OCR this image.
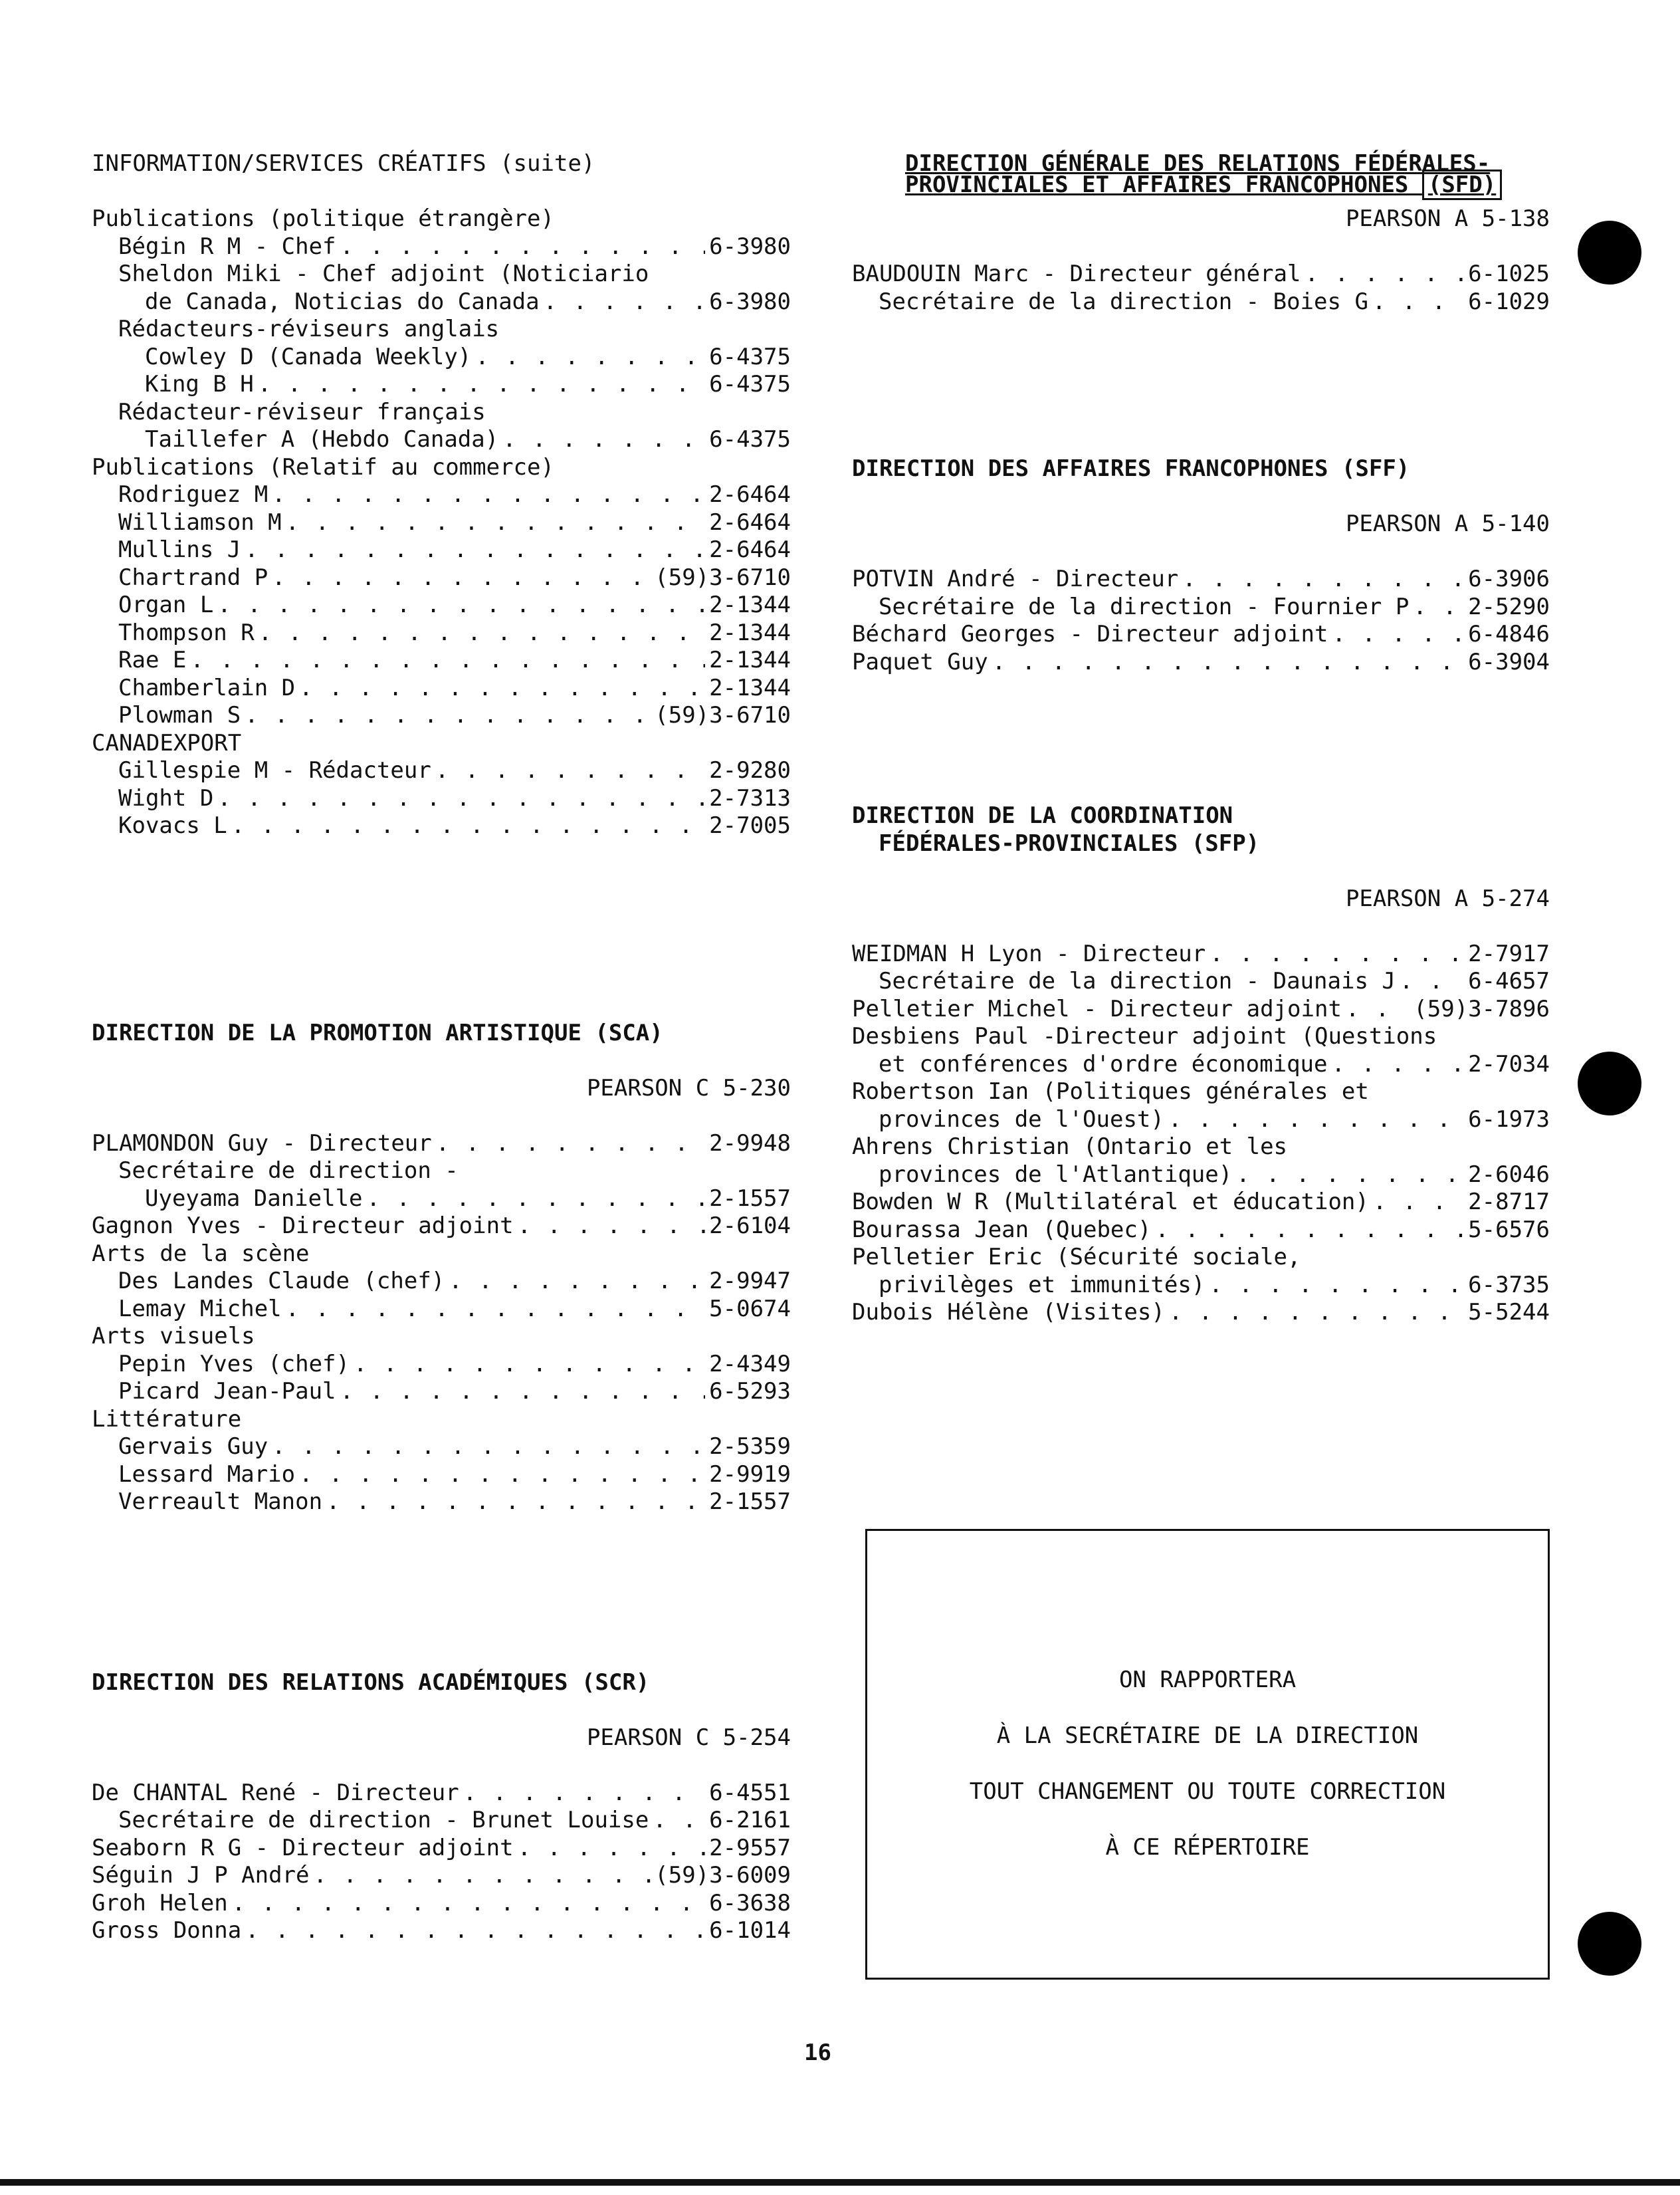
INFORMATION/SERVICES CRÉATIFS (suite)
Publications (politique étrangère)
Bégin R M - Chef . . .	6-3980
Sheldon Miki - Chef adjoint (Noticiario
de Canada, Noticias do Canada . . .	6-3980
Rédacteurs-réviseurs anglais
Cowley D (Canada Weekly) . . .	6-4375
King B H . . .	6-4375
Rédacteur-réviseur français
Taillefer A (Hebdo Canada) . . .	6-4375
Publications (Relatif au commerce)
Rodriguez M . . .	2-6464
Williamson M . . .	2-6464
Mullins J . . .	2-6464
Chartrand P . . .	(59)3-6710
Organ L . . .	2-1344
Thompson R . . .	2-1344
Rae E . . .	2-1344
Chamberlain D . . .	2-1344
Plowman S . . .	(59)3-6710
CANADEXPORT
Gillespie M - Rédacteur . . .	2-9280
Wight D . . .	2-7313
Kovacs L . . .	2-7005
DIRECTION DE LA PROMOTION ARTISTIQUE (SCA)
PEARSON C 5-230
PLAMONDON Guy - Directeur . . .	2-9948
Secrétaire de direction -
Uyeyama Danielle . . .	2-1557
Gagnon Yves - Directeur adjoint . . .	2-6104
Arts de la scène
Des Landes Claude (chef) . . .	2-9947
Lemay Michel . . .	5-0674
Arts visuels
Pepin Yves (chef) . . .	2-4349
Picard Jean-Paul . . .	6-5293
Littérature
Gervais Guy . . .	2-5359
Lessard Mario . . .	2-9919
Verreault Manon . . .	2-1557
DIRECTION DES RELATIONS ACADÉMIQUES (SCR)
PEARSON C 5-254
De CHANTAL René - Directeur . . .	6-4551
Secrétaire de direction - Brunet Louise . . .	6-2161
Seaborn R G - Directeur adjoint . . .	2-9557
Séguin J P André . . .	(59)3-6009
Groh Helen . . .	6-3638
Gross Donna . . .	6-1014
DIRECTION GÉNÉRALE DES RELATIONS FÉDÉRALES-
PROVINCIALES ET AFFAIRES FRANCOPHONES (SFD)
PEARSON A 5-138
BAUDOUIN Marc - Directeur général . . .	6-1025
Secrétaire de la direction - Boies G . . .	6-1029
DIRECTION DES AFFAIRES FRANCOPHONES (SFF)
PEARSON A 5-140
POTVIN André - Directeur . . .	6-3906
Secrétaire de la direction - Fournier P . . .	2-5290
Béchard Georges - Directeur adjoint . . .	6-4846
Paquet Guy . . .	6-3904
DIRECTION DE LA COORDINATION
FÉDÉRALES-PROVINCIALES (SFP)
PEARSON A 5-274
WEIDMAN H Lyon - Directeur . . .	2-7917
Secrétaire de la direction - Daunais J . . .	6-4657
Pelletier Michel - Directeur adjoint . . .	(59)3-7896
Desbiens Paul -Directeur adjoint (Questions
et conférences d'ordre économique . . .	2-7034
Robertson Ian (Politiques générales et
provinces de l'Ouest) . . .	6-1973
Ahrens Christian (Ontario et les
provinces de l'Atlantique) . . .	2-6046
Bowden W R (Multilatéral et éducation) . . .	2-8717
Bourassa Jean (Quebec) . . .	5-6576
Pelletier Eric (Sécurité sociale,
privilèges et immunités) . . .	6-3735
Dubois Hélène (Visites) . . .	5-5244
ON RAPPORTERA
À LA SECRÉTAIRE DE LA DIRECTION
TOUT CHANGEMENT OU TOUTE CORRECTION
À CE RÉPERTOIRE
16
